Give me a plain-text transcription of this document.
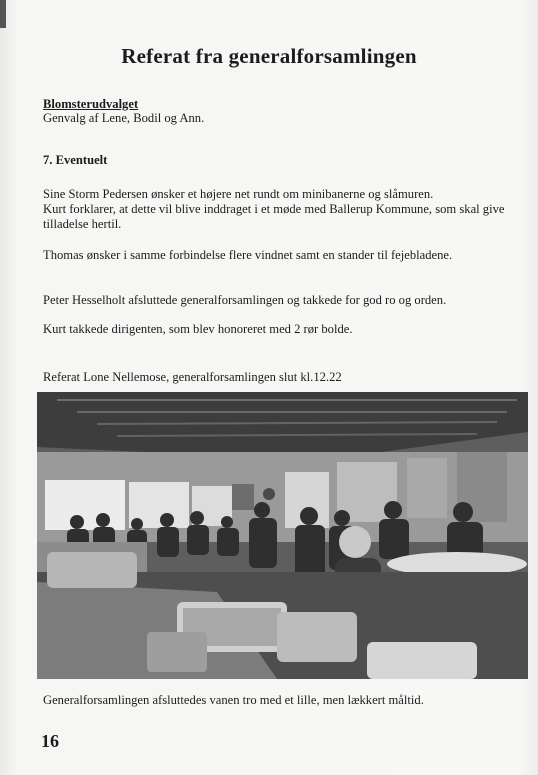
Referat fra generalforsamlingen
Blomsterudvalget
Genvalg af Lene, Bodil og Ann.
7. Eventuelt
Sine Storm Pedersen ønsker et højere net rundt om minibanerne og slåmuren.
Kurt forklarer, at dette vil blive inddraget i et møde med Ballerup Kommune, som skal give
tilladelse hertil.
Thomas ønsker i samme forbindelse flere vindnet samt en stander til fejebladene.
Peter Hesselholt afsluttede generalforsamlingen og takkede for god ro og orden.
Kurt takkede dirigenten, som blev honoreret med 2 rør bolde.
Referat Lone Nellemose, generalforsamlingen slut kl.12.22
Generalforsamlingen afsluttedes vanen tro med et lille, men lækkert måltid.
16
